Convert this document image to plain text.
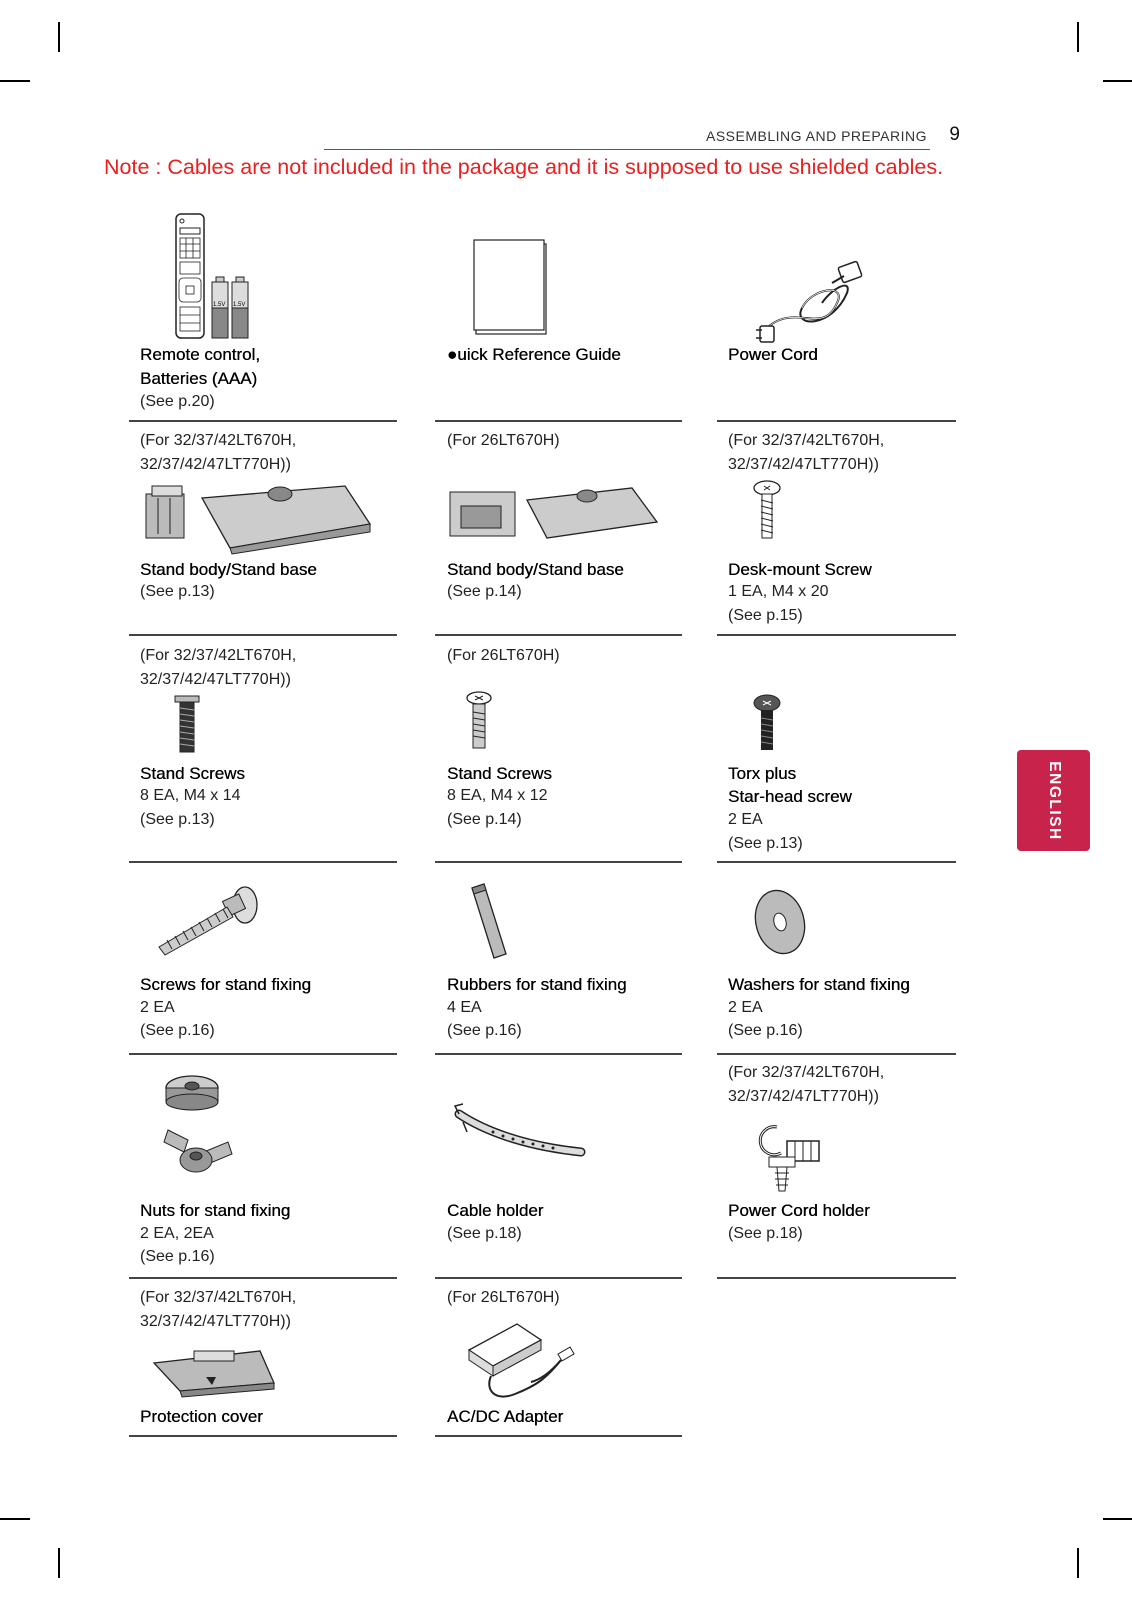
ASSEMBLING AND PREPARING 9
Note : Cables are not included in the package and it is supposed to use shielded cables.
ENGLISH
1.5V 1.5V
Remote control,
Batteries (AAA)
(See p.20)
●uick Reference Guide	Power Cord
(For 32/37/42LT670H,
32/37/42/47LT770H))
Stand body/Stand base
(See p.13)
(For 26LT670H)
Stand body/Stand base
(See p.14)
(For 32/37/42LT670H,
32/37/42/47LT770H))
Desk-mount Screw
1 EA, M4 x 20
(See p.15)
(For 32/37/42LT670H,
32/37/42/47LT770H))
Stand Screws
8 EA, M4 x 14
(See p.13)
(For 26LT670H)
Stand Screws
8 EA, M4 x 12
(See p.14)
Torx plus
Star-head screw
2 EA
(See p.13)
Screws for stand fixing
2 EA
(See p.16)
Rubbers for stand fixing
4 EA
(See p.16)
Washers for stand fixing
2 EA
(See p.16)
Nuts for stand fixing
2 EA, 2EA
(See p.16)
Cable holder
(See p.18)
(For 32/37/42LT670H,
32/37/42/47LT770H))
Power Cord holder
(See p.18)
(For 32/37/42LT670H,
32/37/42/47LT770H))
Protection cover
(For 26LT670H)
AC/DC Adapter
